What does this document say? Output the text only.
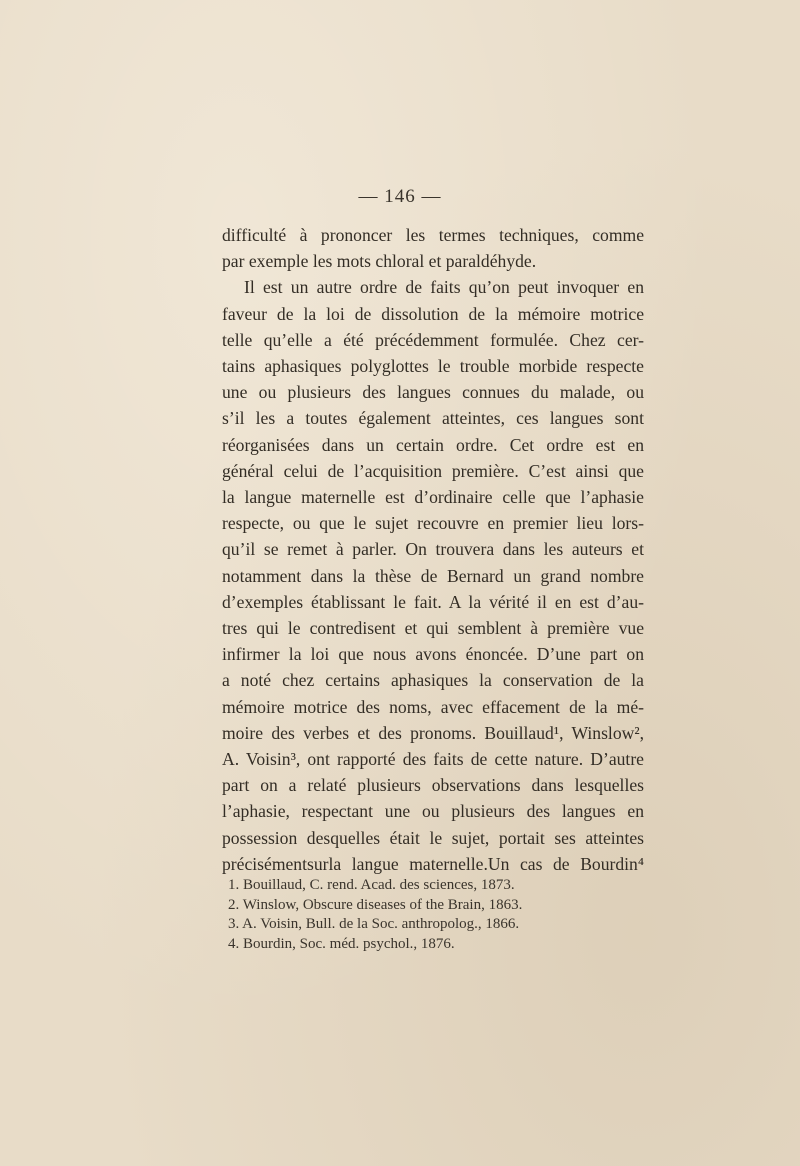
— 146 —
difficulté à prononcer les termes techniques, comme
par exemple les mots chloral et paraldéhyde.
Il est un autre ordre de faits qu’on peut invoquer en
faveur de la loi de dissolution de la mémoire motrice
telle qu’elle a été précédemment formulée. Chez cer-
tains aphasiques polyglottes le trouble morbide respecte
une ou plusieurs des langues connues du malade, ou
s’il les a toutes également atteintes, ces langues sont
réorganisées dans un certain ordre. Cet ordre est en
général celui de l’acquisition première. C’est ainsi que
la langue maternelle est d’ordinaire celle que l’aphasie
respecte, ou que le sujet recouvre en premier lieu lors-
qu’il se remet à parler. On trouvera dans les auteurs et
notamment dans la thèse de Bernard un grand nombre
d’exemples établissant le fait. A la vérité il en est d’au-
tres qui le contredisent et qui semblent à première vue
infirmer la loi que nous avons énoncée. D’une part on
a noté chez certains aphasiques la conservation de la
mémoire motrice des noms, avec effacement de la mé-
moire des verbes et des pronoms. Bouillaud¹, Winslow²,
A. Voisin³, ont rapporté des faits de cette nature. D’autre
part on a relaté plusieurs observations dans lesquelles
l’aphasie, respectant une ou plusieurs des langues en
possession desquelles était le sujet, portait ses atteintes
précisémentsurla langue maternelle.Un cas de Bourdin⁴
1. Bouillaud, C. rend. Acad. des sciences, 1873.
2. Winslow, Obscure diseases of the Brain, 1863.
3. A. Voisin, Bull. de la Soc. anthropolog., 1866.
4. Bourdin, Soc. méd. psychol., 1876.
